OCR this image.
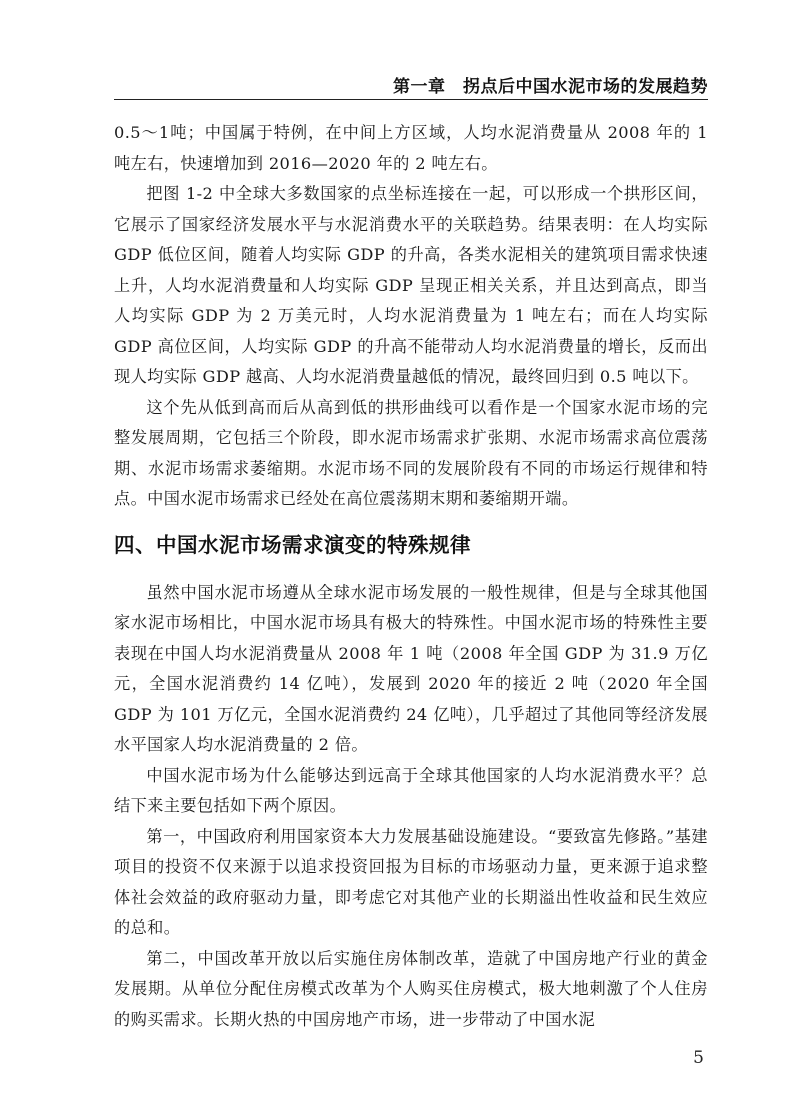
第一章　拐点后中国水泥市场的发展趋势

0.5～1吨；中国属于特例，在中间上方区域，人均水泥消费量从 2008 年的 1 吨左右，快速增加到 2016—2020 年的 2 吨左右。

把图 1-2 中全球大多数国家的点坐标连接在一起，可以形成一个拱形区间，它展示了国家经济发展水平与水泥消费水平的关联趋势。结果表明：在人均实际 GDP 低位区间，随着人均实际 GDP 的升高，各类水泥相关的建筑项目需求快速上升，人均水泥消费量和人均实际 GDP 呈现正相关关系，并且达到高点，即当人均实际 GDP 为 2 万美元时，人均水泥消费量为 1 吨左右；而在人均实际 GDP 高位区间，人均实际 GDP 的升高不能带动人均水泥消费量的增长，反而出现人均实际 GDP 越高、人均水泥消费量越低的情况，最终回归到 0.5 吨以下。

这个先从低到高而后从高到低的拱形曲线可以看作是一个国家水泥市场的完整发展周期，它包括三个阶段，即水泥市场需求扩张期、水泥市场需求高位震荡期、水泥市场需求萎缩期。水泥市场不同的发展阶段有不同的市场运行规律和特点。中国水泥市场需求已经处在高位震荡期末期和萎缩期开端。

四、中国水泥市场需求演变的特殊规律

虽然中国水泥市场遵从全球水泥市场发展的一般性规律，但是与全球其他国家水泥市场相比，中国水泥市场具有极大的特殊性。中国水泥市场的特殊性主要表现在中国人均水泥消费量从 2008 年 1 吨（2008 年全国 GDP 为 31.9 万亿元，全国水泥消费约 14 亿吨），发展到 2020 年的接近 2 吨（2020 年全国 GDP 为 101 万亿元，全国水泥消费约 24 亿吨），几乎超过了其他同等经济发展水平国家人均水泥消费量的 2 倍。

中国水泥市场为什么能够达到远高于全球其他国家的人均水泥消费水平？总结下来主要包括如下两个原因。

第一，中国政府利用国家资本大力发展基础设施建设。“要致富先修路。”基建项目的投资不仅来源于以追求投资回报为目标的市场驱动力量，更来源于追求整体社会效益的政府驱动力量，即考虑它对其他产业的长期溢出性收益和民生效应的总和。

第二，中国改革开放以后实施住房体制改革，造就了中国房地产行业的黄金发展期。从单位分配住房模式改革为个人购买住房模式，极大地刺激了个人住房的购买需求。长期火热的中国房地产市场，进一步带动了中国水泥

5
